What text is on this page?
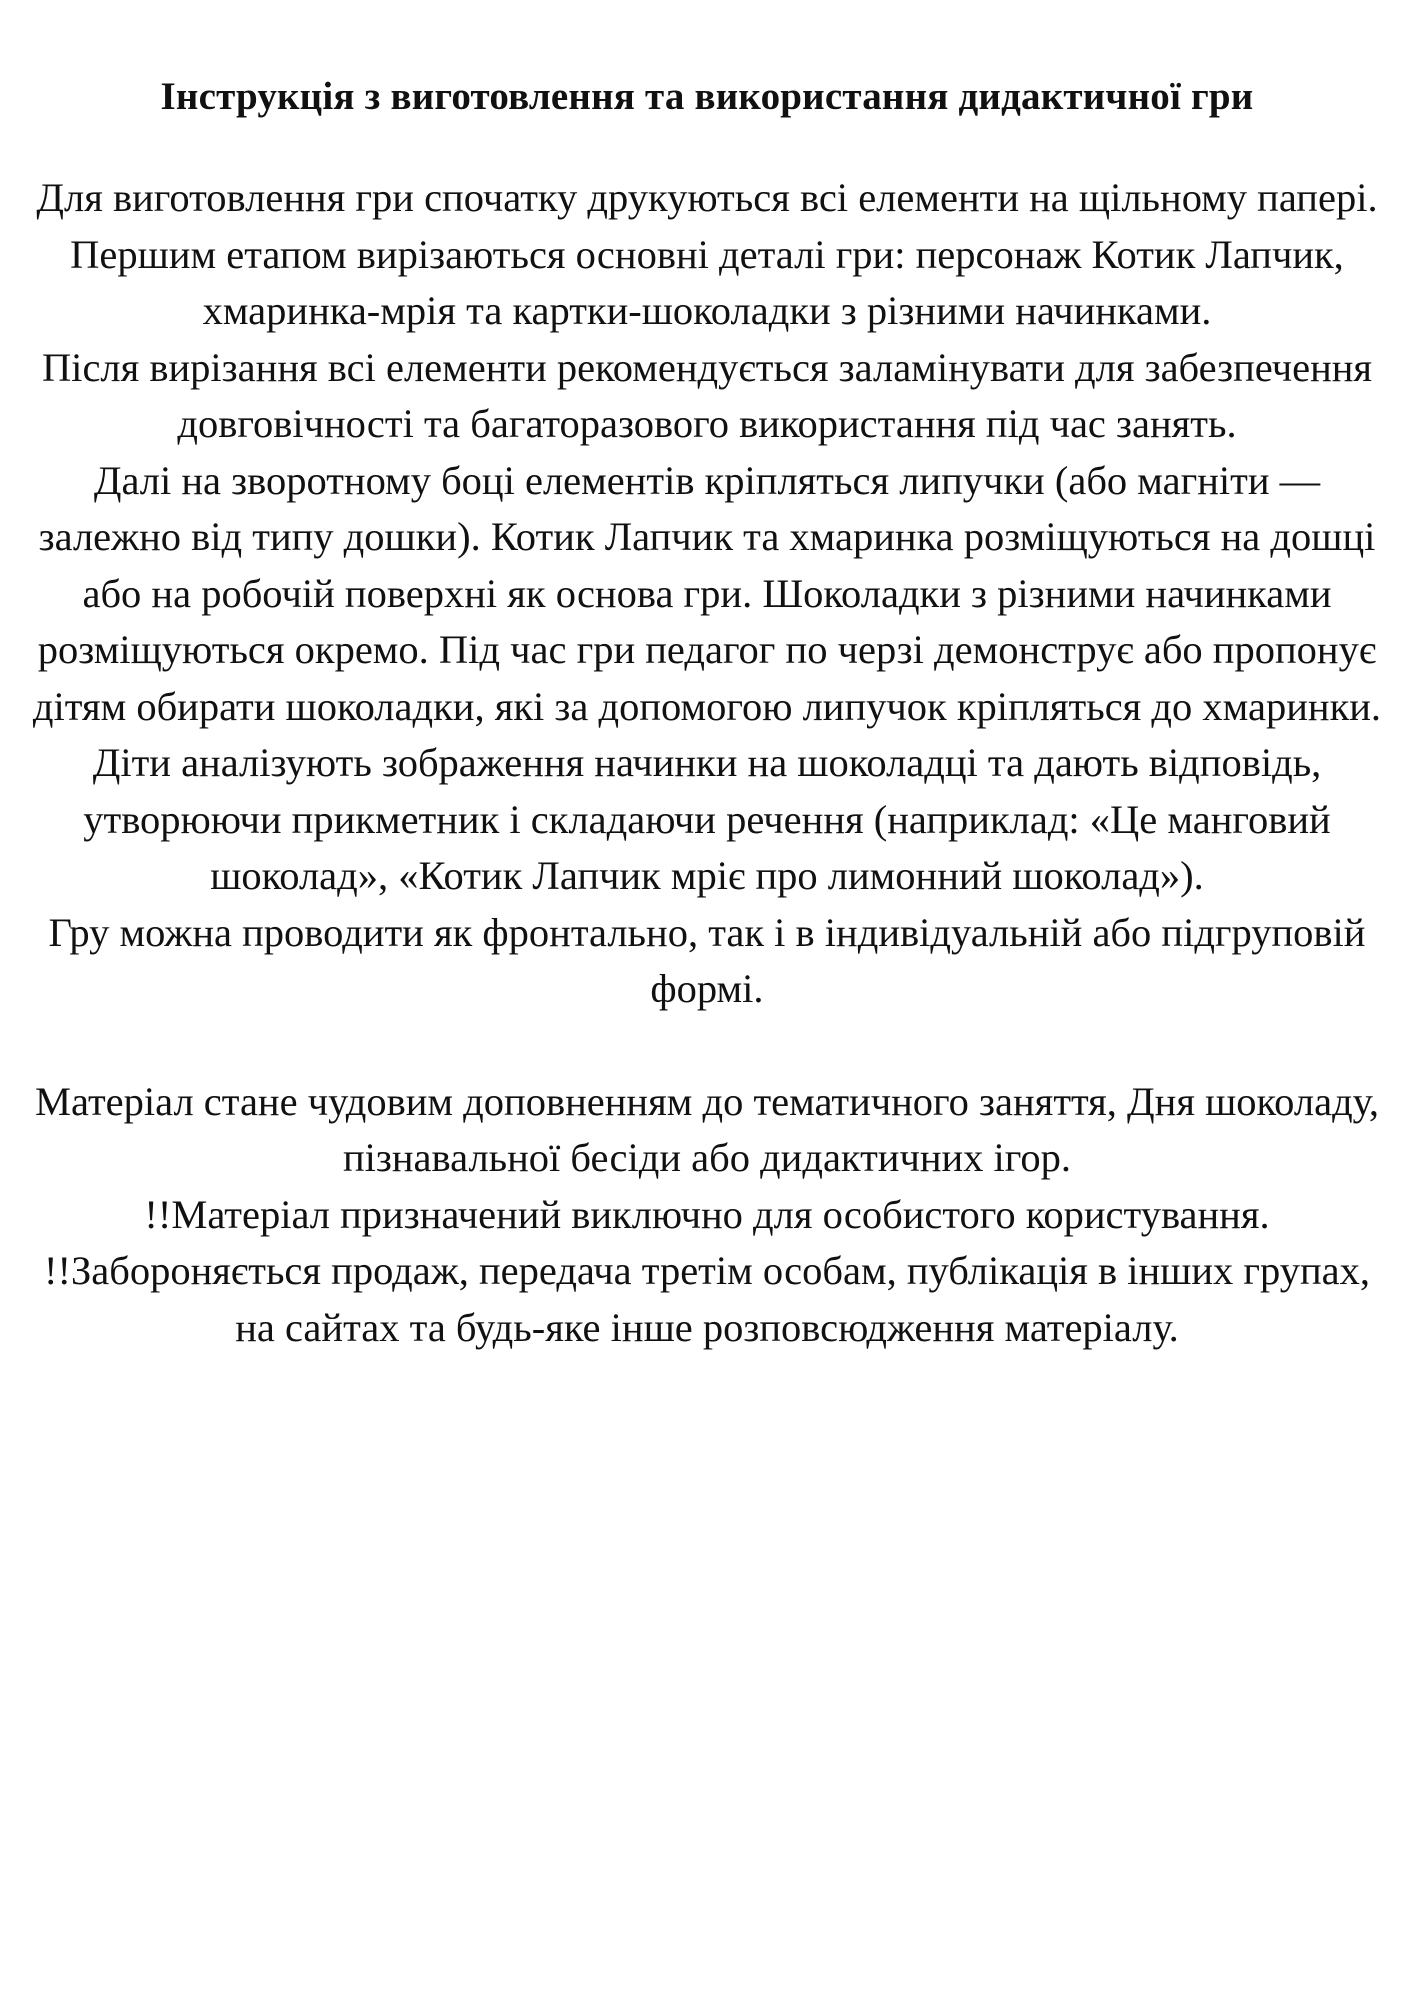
Інструкція з виготовлення та використання дидактичної гри

Для виготовлення гри спочатку друкуються всі елементи на щільному папері. Першим етапом вирізаються основні деталі гри: персонаж Котик Лапчик, хмаринка-мрія та картки-шоколадки з різними начинками.

Після вирізання всі елементи рекомендується заламінувати для забезпечення довговічності та багаторазового використання під час занять.

Далі на зворотному боці елементів кріпляться липучки (або магніти — залежно від типу дошки). Котик Лапчик та хмаринка розміщуються на дошці або на робочій поверхні як основа гри. Шоколадки з різними начинками розміщуються окремо. Під час гри педагог по черзі демонструє або пропонує дітям обирати шоколадки, які за допомогою липучок кріпляться до хмаринки. Діти аналізують зображення начинки на шоколадці та дають відповідь, утворюючи прикметник і складаючи речення (наприклад: «Це манговий шоколад», «Котик Лапчик мріє про лимонний шоколад»).

Гру можна проводити як фронтально, так і в індивідуальній або підгруповій формі.

Матеріал стане чудовим доповненням до тематичного заняття, Дня шоколаду, пізнавальної бесіди або дидактичних ігор.

!!Матеріал призначений виключно для особистого користування.

!!Забороняється продаж, передача третім особам, публікація в інших групах, на сайтах та будь-яке інше розповсюдження матеріалу.
